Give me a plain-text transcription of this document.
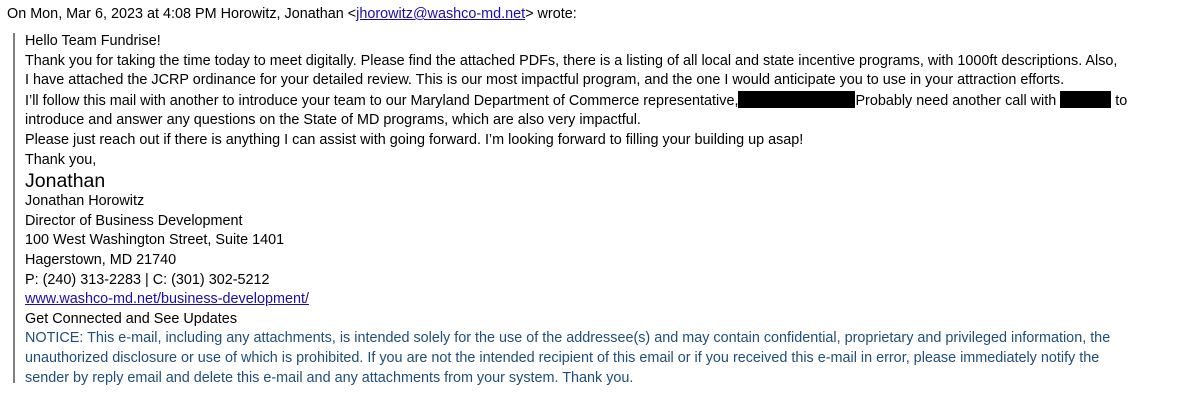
On Mon, Mar 6, 2023 at 4:08 PM Horowitz, Jonathan <jhorowitz@washco-md.net> wrote:
Hello Team Fundrise!
Thank you for taking the time today to meet digitally. Please find the attached PDFs, there is a listing of all local and state incentive programs, with 1000ft descriptions. Also,
I have attached the JCRP ordinance for your detailed review. This is our most impactful program, and the one I would anticipate you to use in your attraction efforts.
I’ll follow this mail with another to introduce your team to our Maryland Department of Commerce representative,	Probably need another call with	to
introduce and answer any questions on the State of MD programs, which are also very impactful.
Please just reach out if there is anything I can assist with going forward. I’m looking forward to filling your building up asap!
Thank you,
Jonathan
Jonathan Horowitz
Director of Business Development
100 West Washington Street, Suite 1401
Hagerstown, MD 21740
P: (240) 313-2283 | C: (301) 302-5212
www.washco-md.net/business-development/
Get Connected and See Updates
NOTICE: This e-mail, including any attachments, is intended solely for the use of the addressee(s) and may contain confidential, proprietary and privileged information, the
unauthorized disclosure or use of which is prohibited. If you are not the intended recipient of this email or if you received this e-mail in error, please immediately notify the
sender by reply email and delete this e-mail and any attachments from your system. Thank you.
